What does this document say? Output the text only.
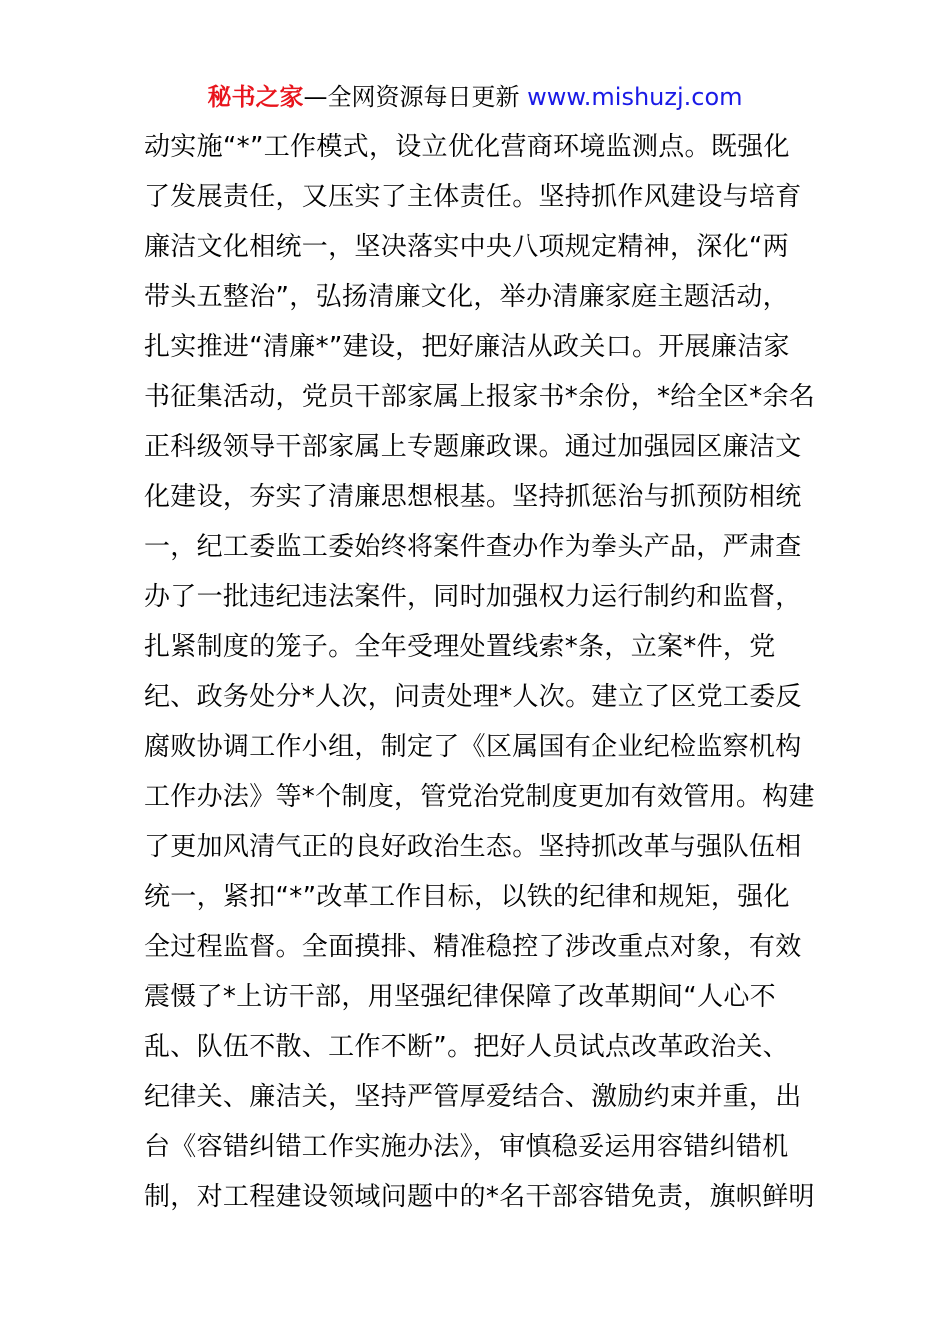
秘书之家—全网资源每日更新 www.mishuzj.com
动实施“*”工作模式，设立优化营商环境监测点。既强化
了发展责任，又压实了主体责任。坚持抓作风建设与培育
廉洁文化相统一，坚决落实中央八项规定精神，深化“两
带头五整治”，弘扬清廉文化，举办清廉家庭主题活动，
扎实推进“清廉*”建设，把好廉洁从政关口。开展廉洁家
书征集活动，党员干部家属上报家书*余份，*给全区*余名
正科级领导干部家属上专题廉政课。通过加强园区廉洁文
化建设，夯实了清廉思想根基。坚持抓惩治与抓预防相统
一，纪工委监工委始终将案件查办作为拳头产品，严肃查
办了一批违纪违法案件，同时加强权力运行制约和监督，
扎紧制度的笼子。全年受理处置线索*条，立案*件，党
纪、政务处分*人次，问责处理*人次。建立了区党工委反
腐败协调工作小组，制定了《区属国有企业纪检监察机构
工作办法》等*个制度，管党治党制度更加有效管用。构建
了更加风清气正的良好政治生态。坚持抓改革与强队伍相
统一，紧扣“*”改革工作目标，以铁的纪律和规矩，强化
全过程监督。全面摸排、精准稳控了涉改重点对象，有效
震慑了*上访干部，用坚强纪律保障了改革期间“人心不
乱、队伍不散、工作不断”。把好人员试点改革政治关、
纪律关、廉洁关，坚持严管厚爱结合、激励约束并重，出
台《容错纠错工作实施办法》，审慎稳妥运用容错纠错机
制，对工程建设领域问题中的*名干部容错免责，旗帜鲜明
